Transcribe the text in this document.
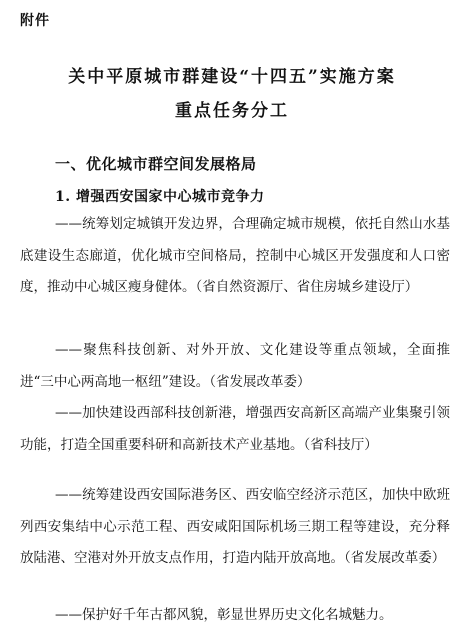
附件
关中平原城市群建设“十四五”实施方案
重点任务分工
一、优化城市群空间发展格局
1. 增强西安国家中心城市竞争力

——统筹划定城镇开发边界，合理确定城市规模，依托自然山水基底建设生态廊道，优化城市空间格局，控制中心城区开发强度和人口密度，推动中心城区瘦身健体。（省自然资源厅、省住房城乡建设厅）

——聚焦科技创新、对外开放、文化建设等重点领域，全面推进“三中心两高地一枢纽”建设。（省发展改革委）

——加快建设西部科技创新港，增强西安高新区高端产业集聚引领功能，打造全国重要科研和高新技术产业基地。（省科技厅）

——统筹建设西安国际港务区、西安临空经济示范区，加快中欧班列西安集结中心示范工程、西安咸阳国际机场三期工程等建设，充分释放陆港、空港对外开放支点作用，打造内陆开放高地。（省发展改革委）

——保护好千年古都风貌，彰显世界历史文化名城魅力。
